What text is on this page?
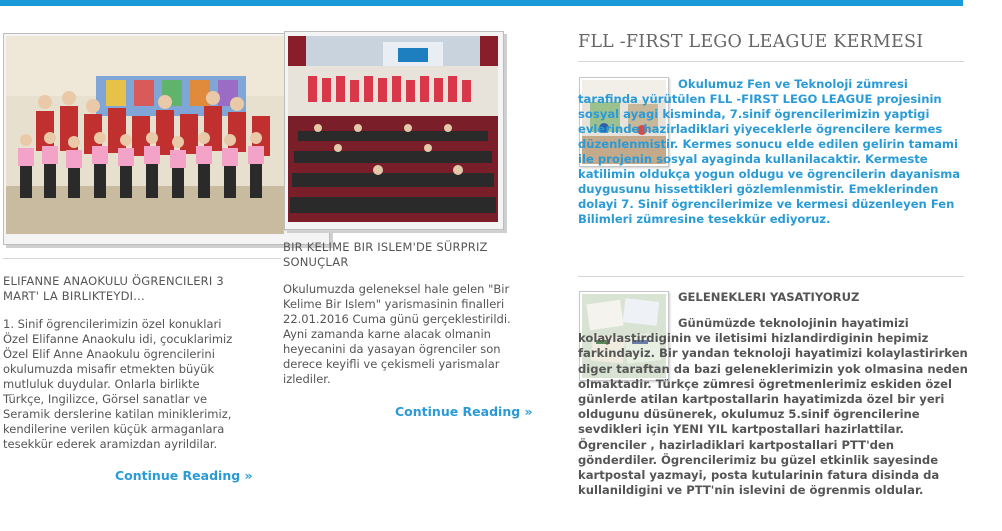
ELIFANNE ANAOKULU ÖGRENCILERI 3 MART' LA BIRLIKTEYDI...
1. Sinif ögrencilerimizin özel konuklari Özel Elifanne Anaokulu idi, çocuklarimiz Özel Elif Anne Anaokulu ögrencilerini okulumuzda misafir etmekten büyük mutluluk duydular. Onlarla birlikte Türkçe, Ingilizce, Görsel sanatlar ve Seramik derslerine katilan miniklerimiz, kendilerine verilen küçük armaganlara tesekkür ederek aramizdan ayrildilar.
Continue Reading »
BIR KELIME BIR ISLEM'DE SÜRPRIZ SONUÇLAR
Okulumuzda geleneksel hale gelen "Bir Kelime Bir Islem" yarismasinin finalleri 22.01.2016 Cuma günü gerçeklestirildi. Ayni zamanda karne alacak olmanin heyecanini da yasayan ögrenciler son derece keyifli ve çekismeli yarismalar izlediler.
Continue Reading »
FLL -FIRST LEGO LEAGUE KERMESI
Okulumuz Fen ve Teknoloji zümresi tarafinda yürütülen FLL -FIRST LEGO LEAGUE projesinin sosyal ayagi kisminda, 7.sinif ögrencilerimizin yaptigi evlerinde hazirladiklari yiyeceklerle ögrencilere kermes düzenlenmistir. Kermes sonucu elde edilen gelirin tamami ile projenin sosyal ayaginda kullanilacaktir. Kermeste katilimin oldukça yogun oldugu ve ögrencilerin dayanisma duygusunu hissettikleri gözlemlenmistir. Emeklerinden dolayi 7. Sinif ögrencilerimize ve kermesi düzenleyen Fen Bilimleri zümresine tesekkür ediyoruz.
GELENEKLERI YASATIYORUZ
Günümüzde teknolojinin hayatimizi kolaylastirdiginin ve iletisimi hizlandirdiginin hepimiz farkindayiz. Bir yandan teknoloji hayatimizi kolaylastirirken diger taraftan da bazi geleneklerimizin yok olmasina neden olmaktadir. Türkçe zümresi ögretmenlerimiz eskiden özel günlerde atilan kartpostallarin hayatimizda özel bir yeri oldugunu düsünerek, okulumuz 5.sinif ögrencilerine sevdikleri için YENI YIL kartpostallari hazirlattilar. Ögrenciler , hazirladiklari kartpostallari PTT'den gönderdiler. Ögrencilerimiz bu güzel etkinlik sayesinde kartpostal yazmayi, posta kutularinin fatura disinda da kullanildigini ve PTT'nin islevini de ögrenmis oldular.
